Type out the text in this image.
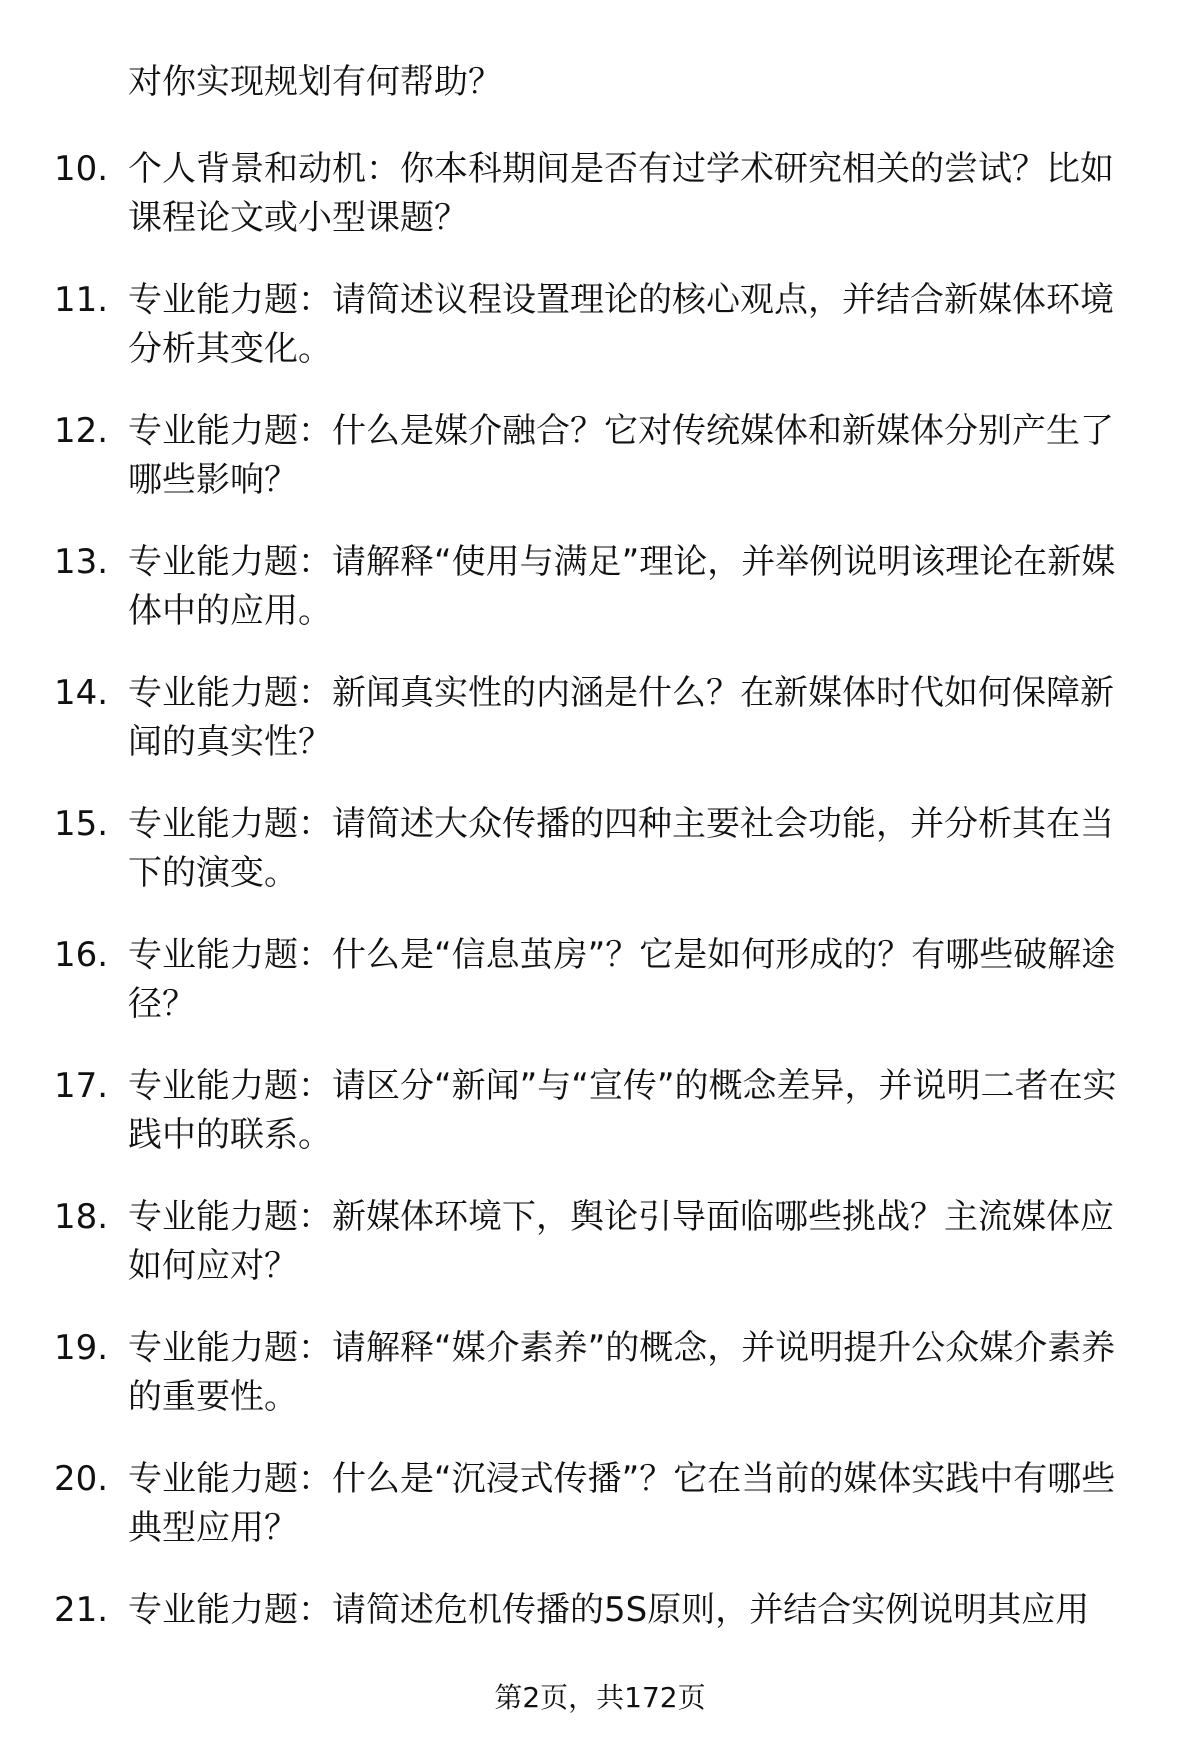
对你实现规划有何帮助？
10. 个人背景和动机：你本科期间是否有过学术研究相关的尝试？比如课程论文或小型课题？
11. 专业能力题：请简述议程设置理论的核心观点，并结合新媒体环境分析其变化。
12. 专业能力题：什么是媒介融合？它对传统媒体和新媒体分别产生了哪些影响？
13. 专业能力题：请解释“使用与满足”理论，并举例说明该理论在新媒体中的应用。
14. 专业能力题：新闻真实性的内涵是什么？在新媒体时代如何保障新闻的真实性？
15. 专业能力题：请简述大众传播的四种主要社会功能，并分析其在当下的演变。
16. 专业能力题：什么是“信息茧房”？它是如何形成的？有哪些破解途径？
17. 专业能力题：请区分“新闻”与“宣传”的概念差异，并说明二者在实践中的联系。
18. 专业能力题：新媒体环境下，舆论引导面临哪些挑战？主流媒体应如何应对？
19. 专业能力题：请解释“媒介素养”的概念，并说明提升公众媒介素养的重要性。
20. 专业能力题：什么是“沉浸式传播”？它在当前的媒体实践中有哪些典型应用？
21. 专业能力题：请简述危机传播的5S原则，并结合实例说明其应用
第2页，共172页
